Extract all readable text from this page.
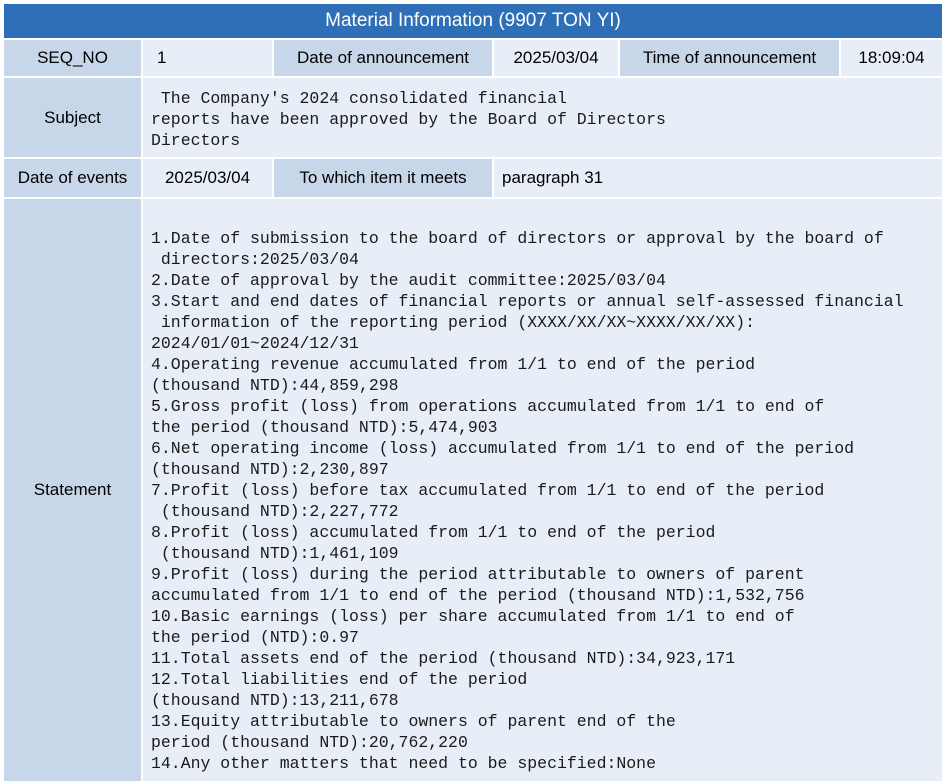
Material Information (9907 TON YI)
SEQ_NO	1	Date of announcement	2025/03/04	Time of announcement	18:09:04
Subject
The Company's 2024 consolidated financial
reports have been approved by the Board of Directors
Directors
Date of events	2025/03/04	To which item it meets	paragraph 31
Statement
1.Date of submission to the board of directors or approval by the board of
directors:2025/03/04
2.Date of approval by the audit committee:2025/03/04
3.Start and end dates of financial reports or annual self-assessed financial
information of the reporting period (XXXX/XX/XX~XXXX/XX/XX):
2024/01/01~2024/12/31
4.Operating revenue accumulated from 1/1 to end of the period
(thousand NTD):44,859,298
5.Gross profit (loss) from operations accumulated from 1/1 to end of
the period (thousand NTD):5,474,903
6.Net operating income (loss) accumulated from 1/1 to end of the period
(thousand NTD):2,230,897
7.Profit (loss) before tax accumulated from 1/1 to end of the period
(thousand NTD):2,227,772
8.Profit (loss) accumulated from 1/1 to end of the period
(thousand NTD):1,461,109
9.Profit (loss) during the period attributable to owners of parent
accumulated from 1/1 to end of the period (thousand NTD):1,532,756
10.Basic earnings (loss) per share accumulated from 1/1 to end of
the period (NTD):0.97
11.Total assets end of the period (thousand NTD):34,923,171
12.Total liabilities end of the period
(thousand NTD):13,211,678
13.Equity attributable to owners of parent end of the
period (thousand NTD):20,762,220
14.Any other matters that need to be specified:None
